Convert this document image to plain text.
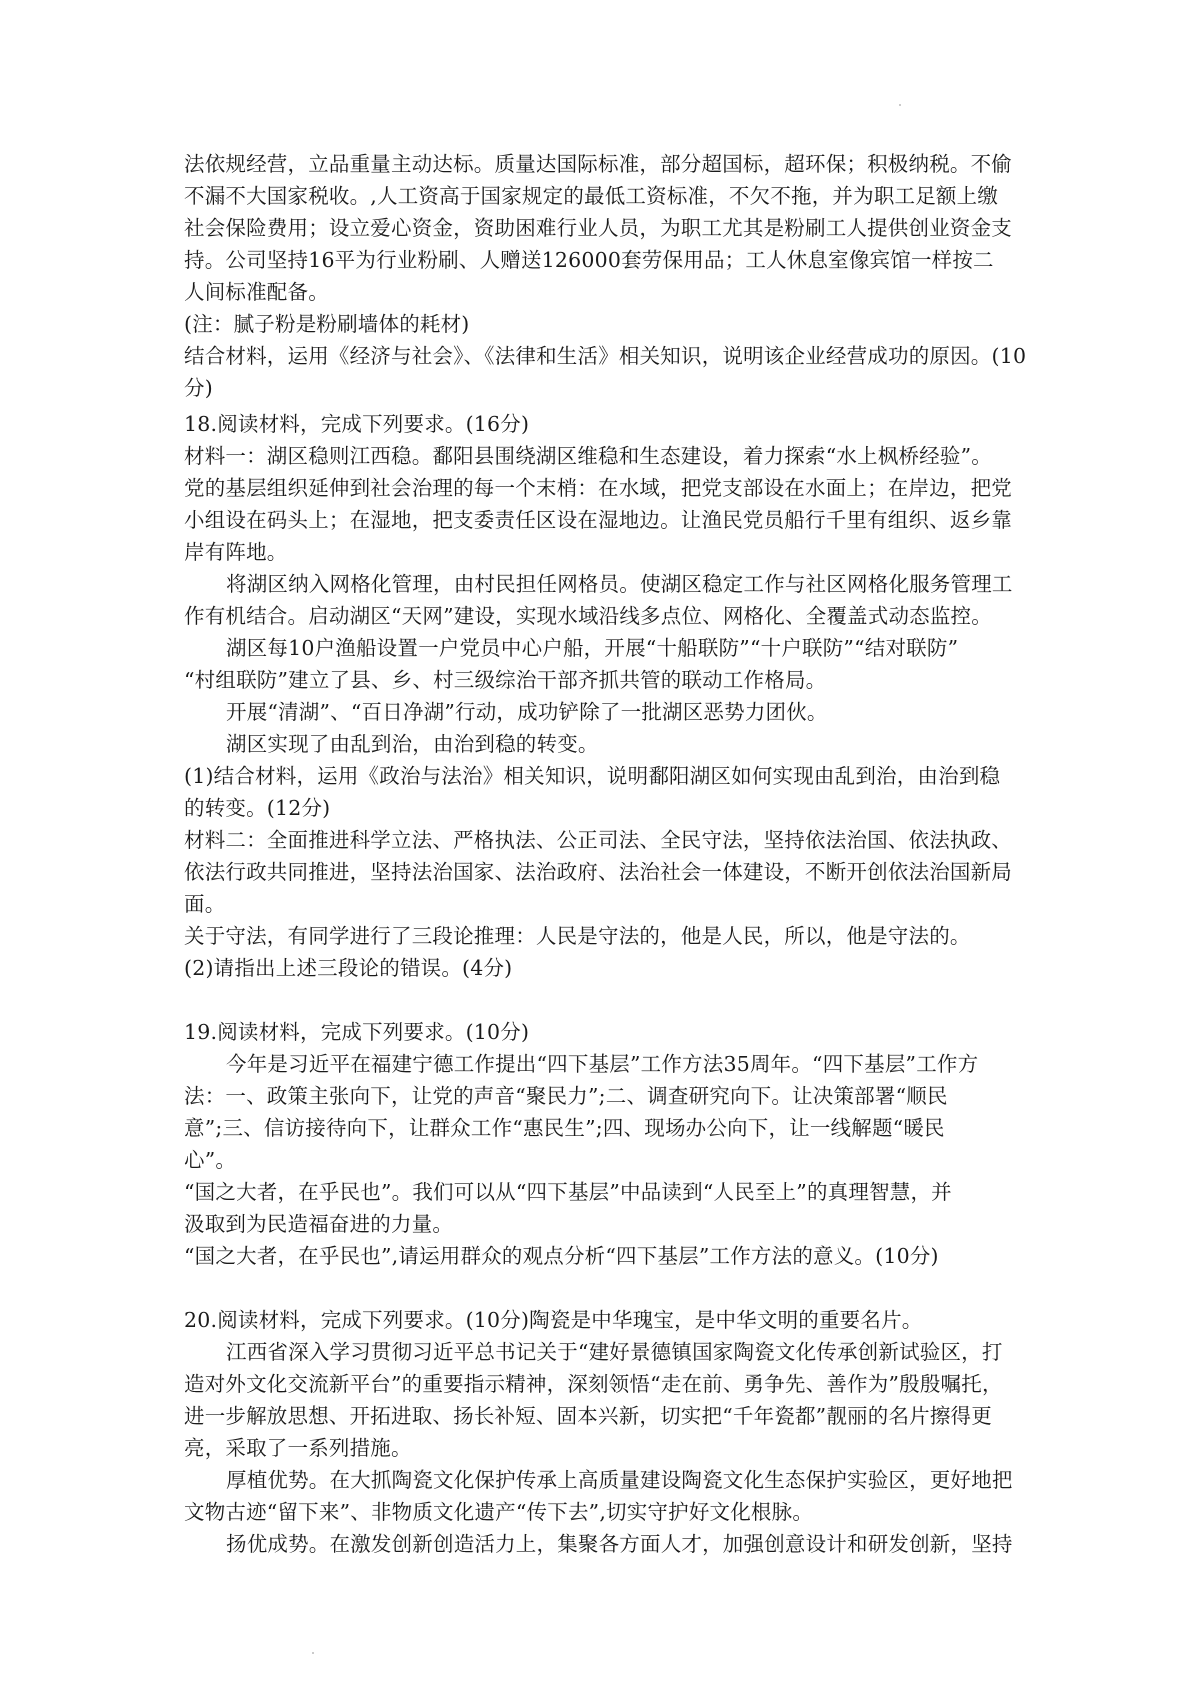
法依规经营，立品重量主动达标。质量达国际标准，部分超国标，超环保；积极纳税。不偷
不漏不大国家税收。,人工资高于国家规定的最低工资标准，不欠不拖，并为职工足额上缴
社会保险费用；设立爱心资金，资助困难行业人员，为职工尤其是粉刷工人提供创业资金支
持。公司坚持16平为行业粉刷、人赠送126000套劳保用品；工人休息室像宾馆一样按二
人间标准配备。
(注：腻子粉是粉刷墙体的耗材)
结合材料，运用《经济与社会》、《法律和生活》相关知识，说明该企业经营成功的原因。(10
分)
18.阅读材料，完成下列要求。(16分)
材料一：湖区稳则江西稳。鄱阳县围绕湖区维稳和生态建设，着力探索“水上枫桥经验”。
党的基层组织延伸到社会治理的每一个末梢：在水域，把党支部设在水面上；在岸边，把党
小组设在码头上；在湿地，把支委责任区设在湿地边。让渔民党员船行千里有组织、返乡靠
岸有阵地。
将湖区纳入网格化管理，由村民担任网格员。使湖区稳定工作与社区网格化服务管理工
作有机结合。启动湖区“天网”建设，实现水域沿线多点位、网格化、全覆盖式动态监控。
湖区每10户渔船设置一户党员中心户船，开展“十船联防”“十户联防”“结对联防”
“村组联防”建立了县、乡、村三级综治干部齐抓共管的联动工作格局。
开展“清湖”、“百日净湖”行动，成功铲除了一批湖区恶势力团伙。
湖区实现了由乱到治，由治到稳的转变。
(1)结合材料，运用《政治与法治》相关知识，说明鄱阳湖区如何实现由乱到治，由治到稳
的转变。(12分)
材料二：全面推进科学立法、严格执法、公正司法、全民守法，坚持依法治国、依法执政、
依法行政共同推进，坚持法治国家、法治政府、法治社会一体建设，不断开创依法治国新局
面。
关于守法，有同学进行了三段论推理：人民是守法的，他是人民，所以，他是守法的。
(2)请指出上述三段论的错误。(4分)
19.阅读材料，完成下列要求。(10分)
今年是习近平在福建宁德工作提出“四下基层”工作方法35周年。“四下基层”工作方
法：一、政策主张向下，让党的声音“聚民力”;二、调查研究向下。让决策部署“顺民
意”;三、信访接待向下，让群众工作“惠民生”;四、现场办公向下，让一线解题“暖民
心”。
“国之大者，在乎民也”。我们可以从“四下基层”中品读到“人民至上”的真理智慧，并
汲取到为民造福奋进的力量。
“国之大者，在乎民也”,请运用群众的观点分析“四下基层”工作方法的意义。(10分)
20.阅读材料，完成下列要求。(10分)陶瓷是中华瑰宝，是中华文明的重要名片。
江西省深入学习贯彻习近平总书记关于“建好景德镇国家陶瓷文化传承创新试验区，打
造对外文化交流新平台”的重要指示精神，深刻领悟“走在前、勇争先、善作为”殷殷嘱托，
进一步解放思想、开拓进取、扬长补短、固本兴新，切实把“千年瓷都”靓丽的名片擦得更
亮，采取了一系列措施。
厚植优势。在大抓陶瓷文化保护传承上高质量建设陶瓷文化生态保护实验区，更好地把
文物古迹“留下来”、非物质文化遗产“传下去”,切实守护好文化根脉。
扬优成势。在激发创新创造活力上，集聚各方面人才，加强创意设计和研发创新，坚持
